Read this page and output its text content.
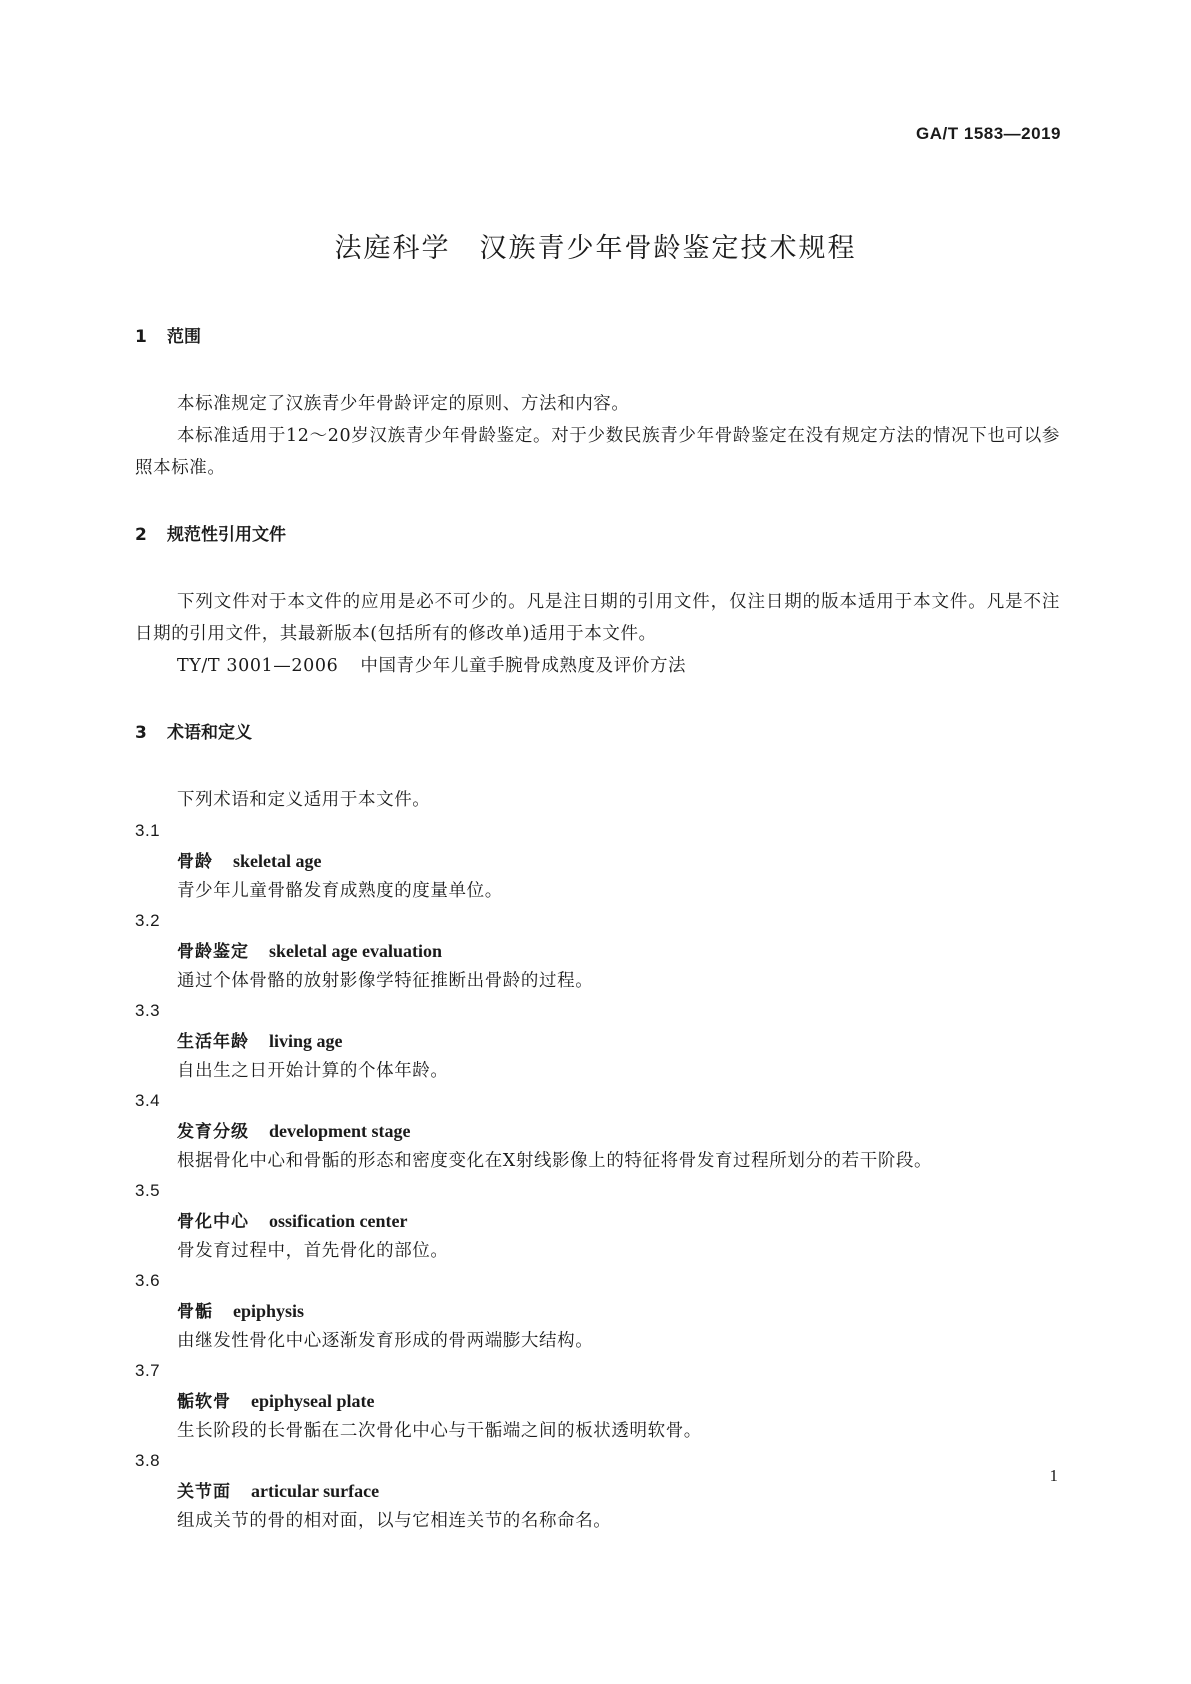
GA/T 1583—2019
法庭科学　汉族青少年骨龄鉴定技术规程
1 范围
本标准规定了汉族青少年骨龄评定的原则、方法和内容。
本标准适用于12～20岁汉族青少年骨龄鉴定。对于少数民族青少年骨龄鉴定在没有规定方法的情况下也可以参照本标准。
2 规范性引用文件
下列文件对于本文件的应用是必不可少的。凡是注日期的引用文件，仅注日期的版本适用于本文件。凡是不注日期的引用文件，其最新版本(包括所有的修改单)适用于本文件。
TY/T 3001—2006 中国青少年儿童手腕骨成熟度及评价方法
3 术语和定义
下列术语和定义适用于本文件。
3.1
骨龄 skeletal age
青少年儿童骨骼发育成熟度的度量单位。
3.2
骨龄鉴定 skeletal age evaluation
通过个体骨骼的放射影像学特征推断出骨龄的过程。
3.3
生活年龄 living age
自出生之日开始计算的个体年龄。
3.4
发育分级 development stage
根据骨化中心和骨骺的形态和密度变化在X射线影像上的特征将骨发育过程所划分的若干阶段。
3.5
骨化中心 ossification center
骨发育过程中，首先骨化的部位。
3.6
骨骺 epiphysis
由继发性骨化中心逐渐发育形成的骨两端膨大结构。
3.7
骺软骨 epiphyseal plate
生长阶段的长骨骺在二次骨化中心与干骺端之间的板状透明软骨。
3.8
关节面 articular surface
组成关节的骨的相对面，以与它相连关节的名称命名。
1
